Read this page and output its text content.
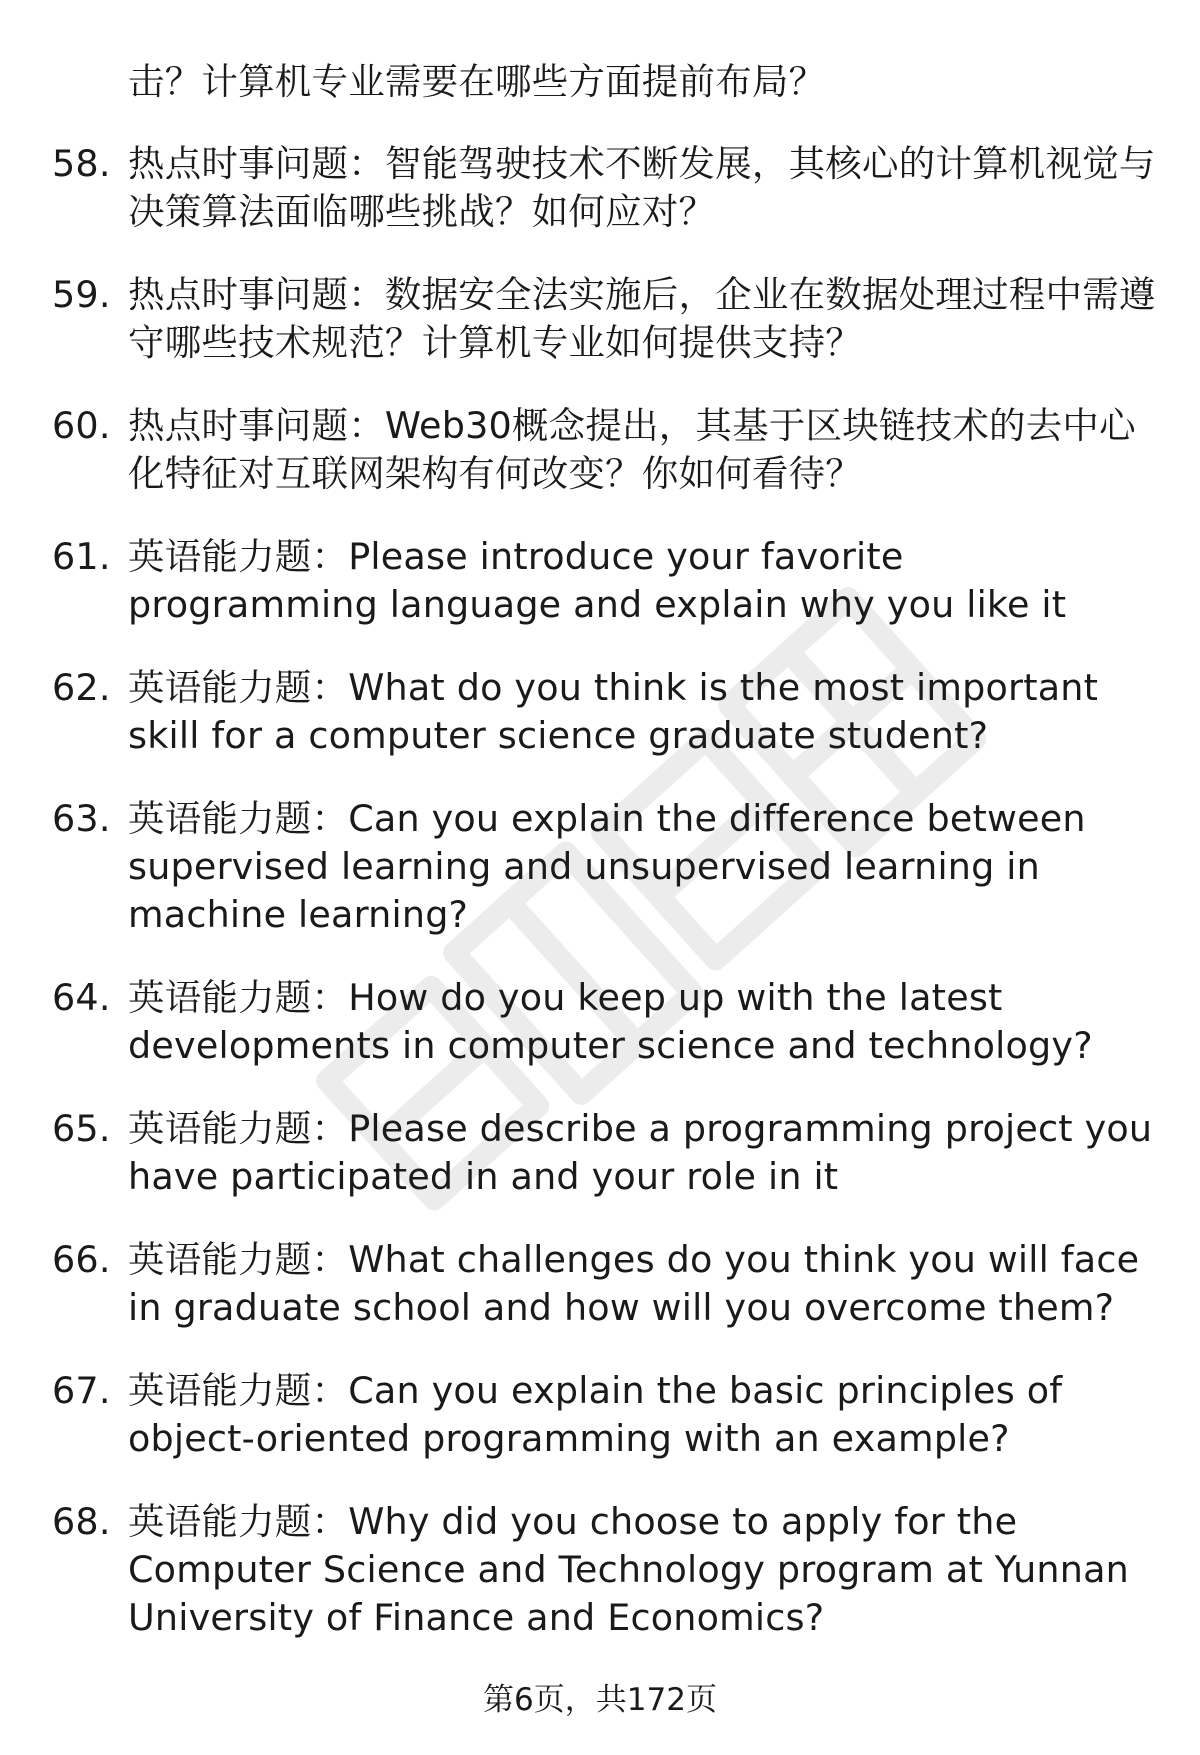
击？计算机专业需要在哪些方面提前布局？
58. 热点时事问题：智能驾驶技术不断发展，其核心的计算机视觉与决策算法面临哪些挑战？如何应对？
59. 热点时事问题：数据安全法实施后，企业在数据处理过程中需遵守哪些技术规范？计算机专业如何提供支持？
60. 热点时事问题：Web30概念提出，其基于区块链技术的去中心化特征对互联网架构有何改变？你如何看待？
61. 英语能力题：Please introduce your favorite programming language and explain why you like it
62. 英语能力题：What do you think is the most important skill for a computer science graduate student?
63. 英语能力题：Can you explain the difference between supervised learning and unsupervised learning in machine learning?
64. 英语能力题：How do you keep up with the latest developments in computer science and technology?
65. 英语能力题：Please describe a programming project you have participated in and your role in it
66. 英语能力题：What challenges do you think you will face in graduate school and how will you overcome them?
67. 英语能力题：Can you explain the basic principles of object-oriented programming with an example?
68. 英语能力题：Why did you choose to apply for the Computer Science and Technology program at Yunnan University of Finance and Economics?
第6页，共172页
